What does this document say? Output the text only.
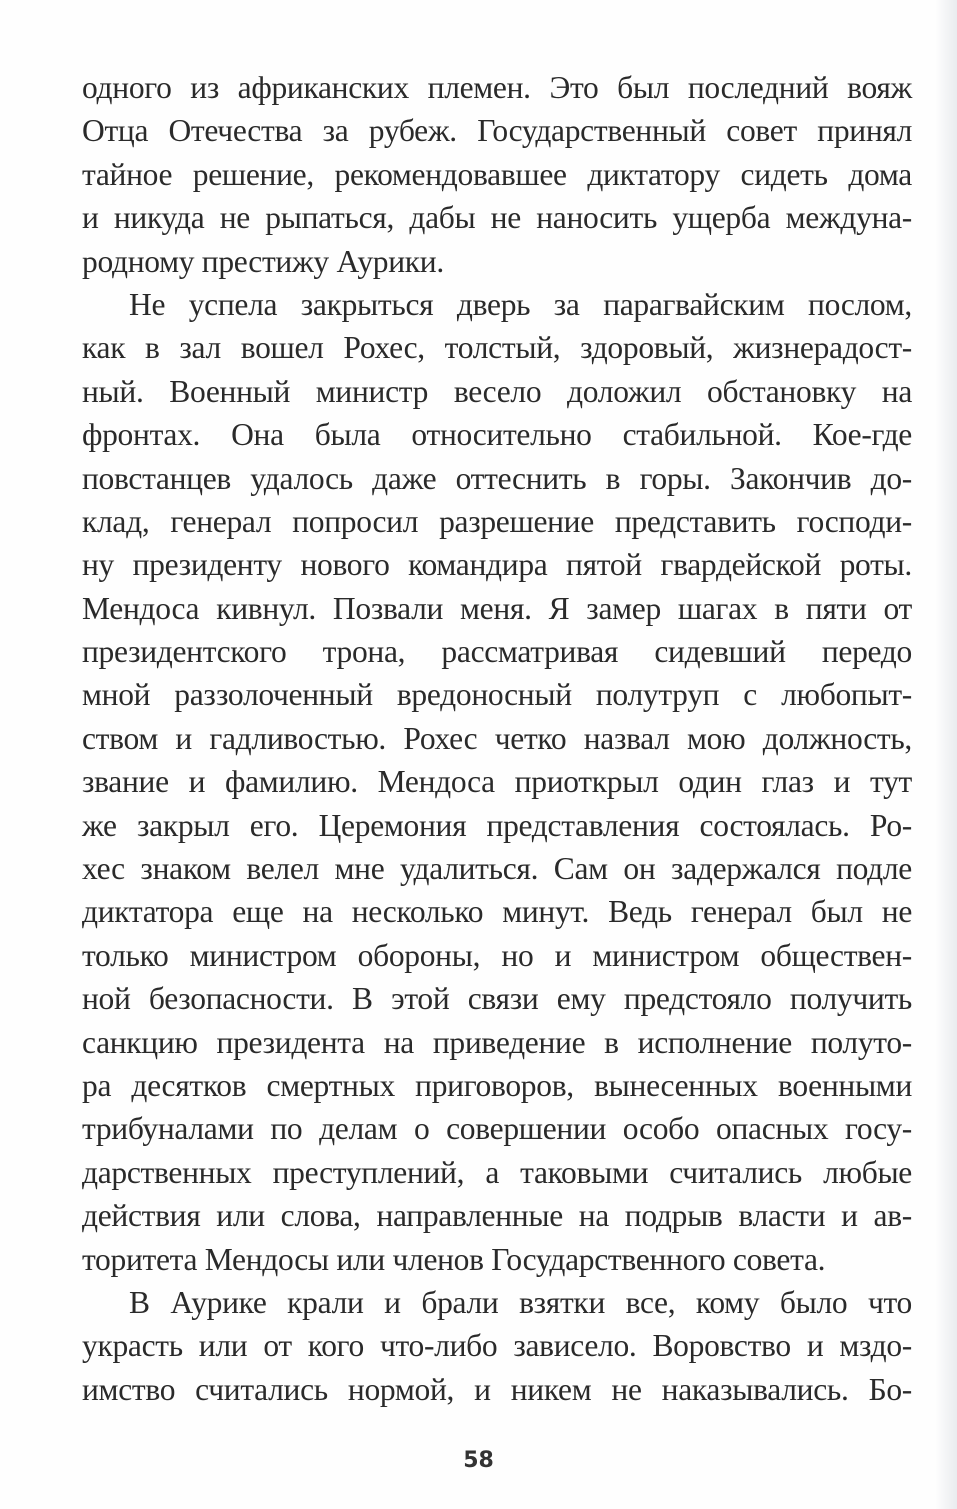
одного из африканских племен. Это был последний вояж
Отца Отечества за рубеж. Государственный совет принял
тайное решение, рекомендовавшее диктатору сидеть дома
и никуда не рыпаться, дабы не наносить ущерба междуна-
родному престижу Аурики.
Не успела закрыться дверь за парагвайским послом,
как в зал вошел Рохес, толстый, здоровый, жизнерадост-
ный. Военный министр весело доложил обстановку на
фронтах. Она была относительно стабильной. Кое-где
повстанцев удалось даже оттеснить в горы. Закончив до-
клад, генерал попросил разрешение представить господи-
ну президенту нового командира пятой гвардейской роты.
Мендоса кивнул. Позвали меня. Я замер шагах в пяти от
президентского трона, рассматривая сидевший передо
мной раззолоченный вредоносный полутруп с любопыт-
ством и гадливостью. Рохес четко назвал мою должность,
звание и фамилию. Мендоса приоткрыл один глаз и тут
же закрыл его. Церемония представления состоялась. Ро-
хес знаком велел мне удалиться. Сам он задержался подле
диктатора еще на несколько минут. Ведь генерал был не
только министром обороны, но и министром обществен-
ной безопасности. В этой связи ему предстояло получить
санкцию президента на приведение в исполнение полуто-
ра десятков смертных приговоров, вынесенных военными
трибуналами по делам о совершении особо опасных госу-
дарственных преступлений, а таковыми считались любые
действия или слова, направленные на подрыв власти и ав-
торитета Мендосы или членов Государственного совета.
В Аурике крали и брали взятки все, кому было что
украсть или от кого что-либо зависело. Воровство и мздо-
имство считались нормой, и никем не наказывались. Бо-
58
